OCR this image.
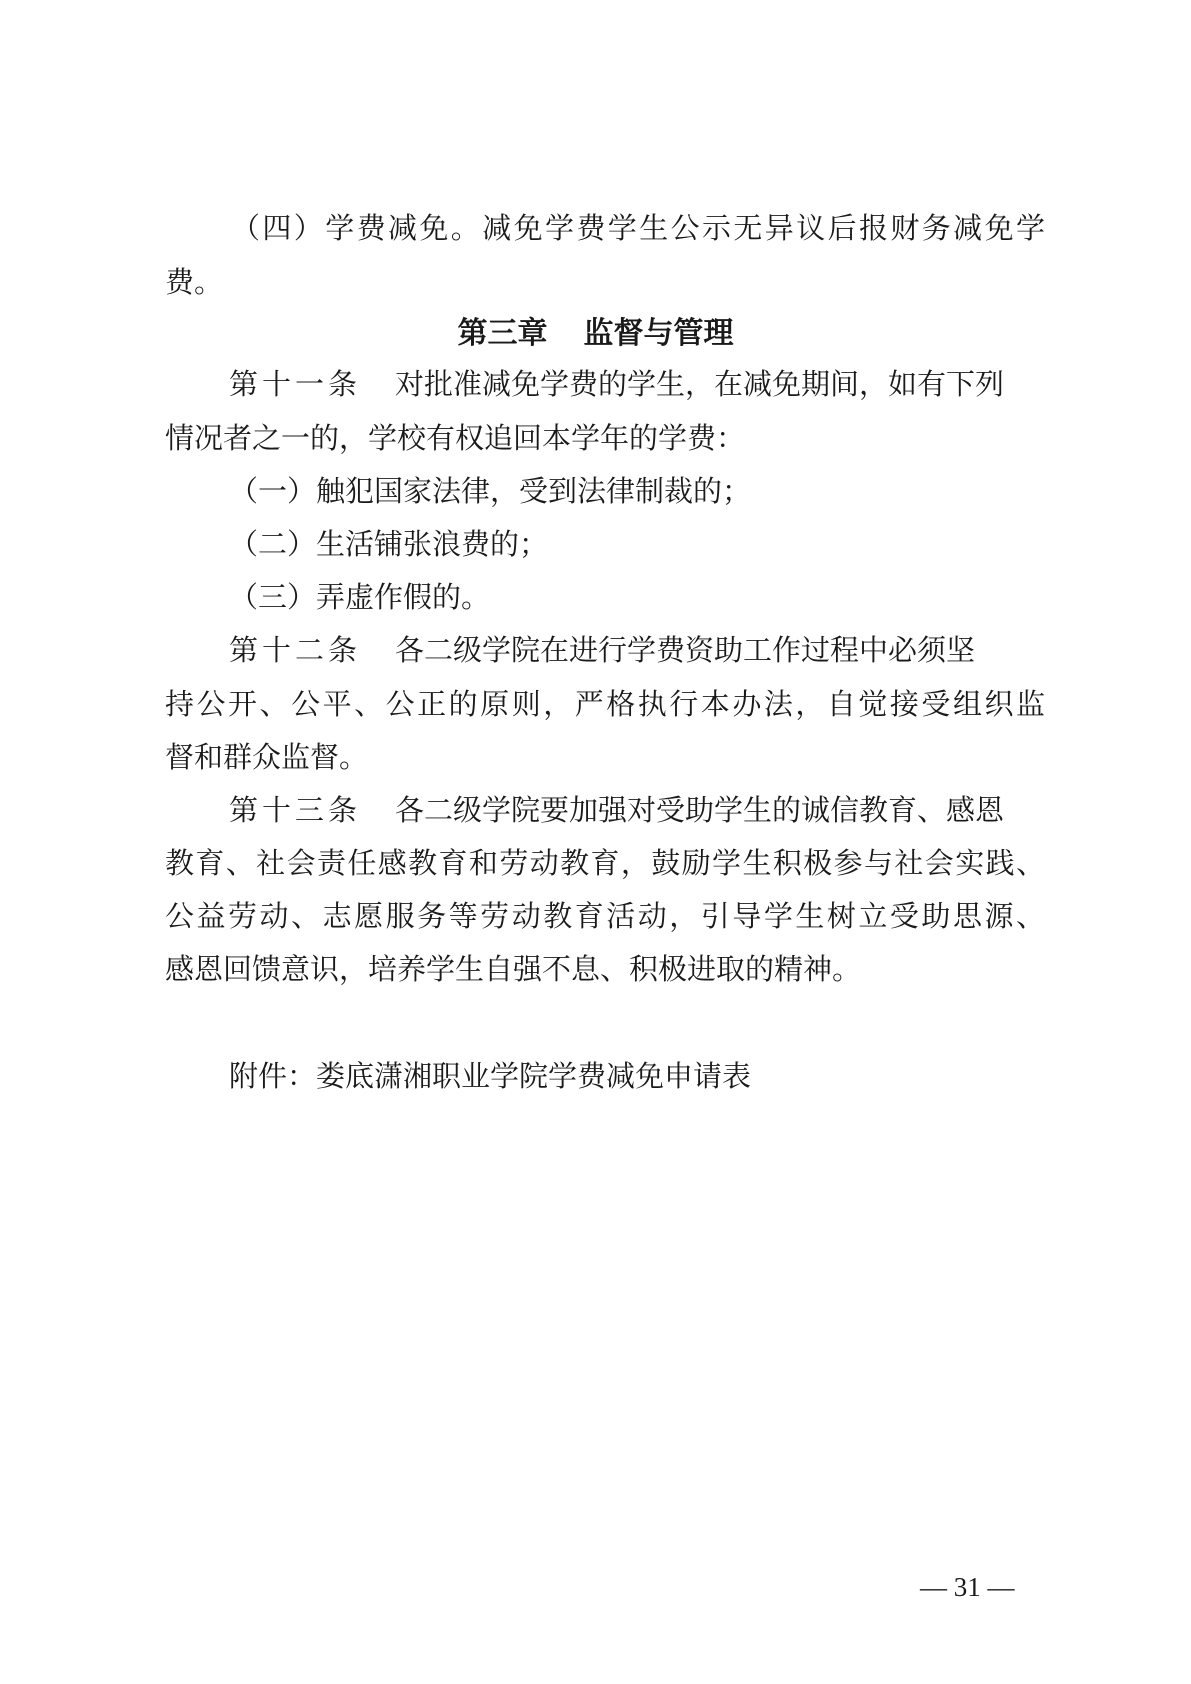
（四）学费减免。减免学费学生公示无异议后报财务减免学
费。
第三章 监督与管理
第十一条 对批准减免学费的学生，在减免期间，如有下列
情况者之一的，学校有权追回本学年的学费：
（一）触犯国家法律，受到法律制裁的；
（二）生活铺张浪费的；
（三）弄虚作假的。
第十二条 各二级学院在进行学费资助工作过程中必须坚
持公开、公平、公正的原则，严格执行本办法，自觉接受组织监
督和群众监督。
第十三条 各二级学院要加强对受助学生的诚信教育、感恩
教育、社会责任感教育和劳动教育，鼓励学生积极参与社会实践、
公益劳动、志愿服务等劳动教育活动，引导学生树立受助思源、
感恩回馈意识，培养学生自强不息、积极进取的精神。
附件：娄底潇湘职业学院学费减免申请表
— 31 —
